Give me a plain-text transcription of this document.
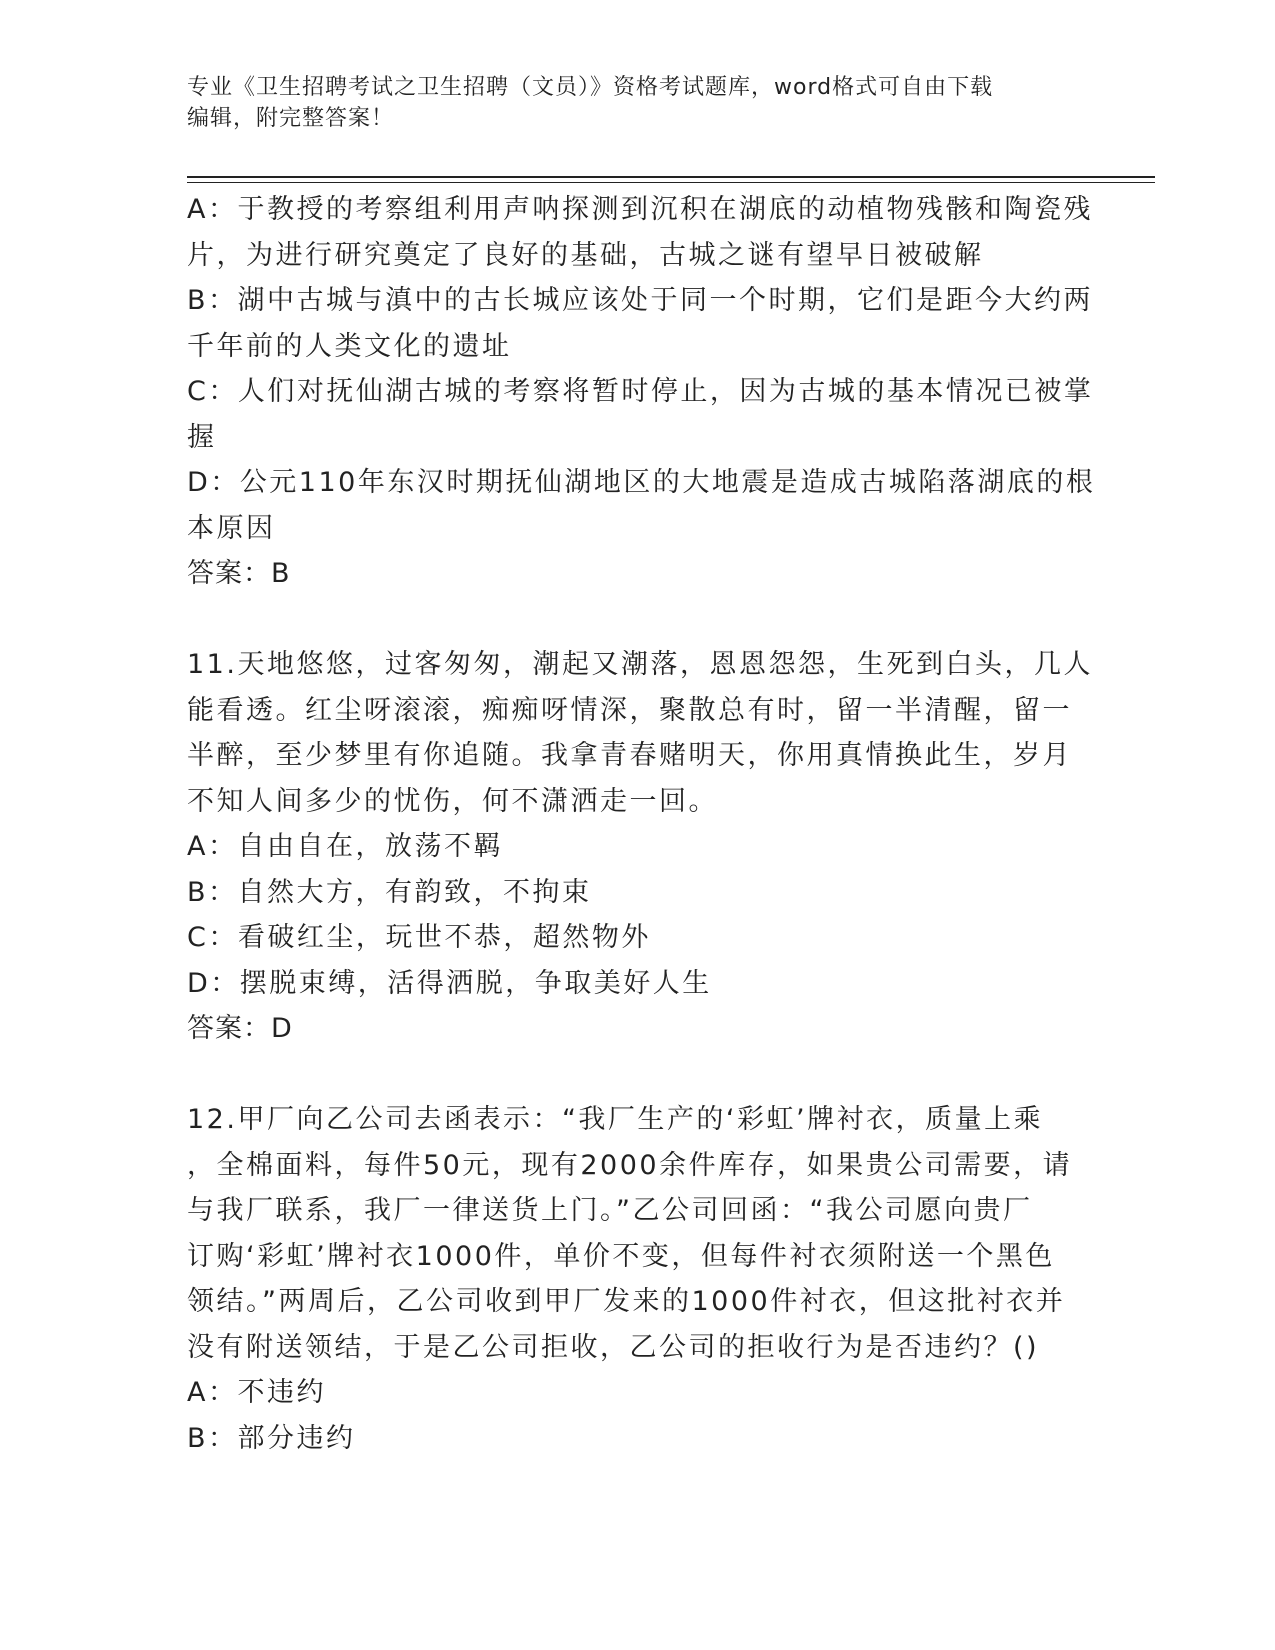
专业《卫生招聘考试之卫生招聘（文员）》资格考试题库，word格式可自由下载
编辑，附完整答案！
A：于教授的考察组利用声呐探测到沉积在湖底的动植物残骸和陶瓷残
片，为进行研究奠定了良好的基础，古城之谜有望早日被破解
B：湖中古城与滇中的古长城应该处于同一个时期，它们是距今大约两
千年前的人类文化的遗址
C：人们对抚仙湖古城的考察将暂时停止，因为古城的基本情况已被掌
握
D：公元110年东汉时期抚仙湖地区的大地震是造成古城陷落湖底的根
本原因
答案：B
11.天地悠悠，过客匆匆，潮起又潮落，恩恩怨怨，生死到白头，几人
能看透。红尘呀滚滚，痴痴呀情深，聚散总有时，留一半清醒，留一
半醉，至少梦里有你追随。我拿青春赌明天，你用真情换此生，岁月
不知人间多少的忧伤，何不潇洒走一回。
A：自由自在，放荡不羁
B：自然大方，有韵致，不拘束
C：看破红尘，玩世不恭，超然物外
D：摆脱束缚，活得洒脱，争取美好人生
答案：D
12.甲厂向乙公司去函表示：“我厂生产的‘彩虹’牌衬衣，质量上乘
，全棉面料，每件50元，现有2000余件库存，如果贵公司需要，请
与我厂联系，我厂一律送货上门。”乙公司回函：“我公司愿向贵厂
订购‘彩虹’牌衬衣1000件，单价不变，但每件衬衣须附送一个黑色
领结。”两周后，乙公司收到甲厂发来的1000件衬衣，但这批衬衣并
没有附送领结，于是乙公司拒收，乙公司的拒收行为是否违约？()
A：不违约
B：部分违约
